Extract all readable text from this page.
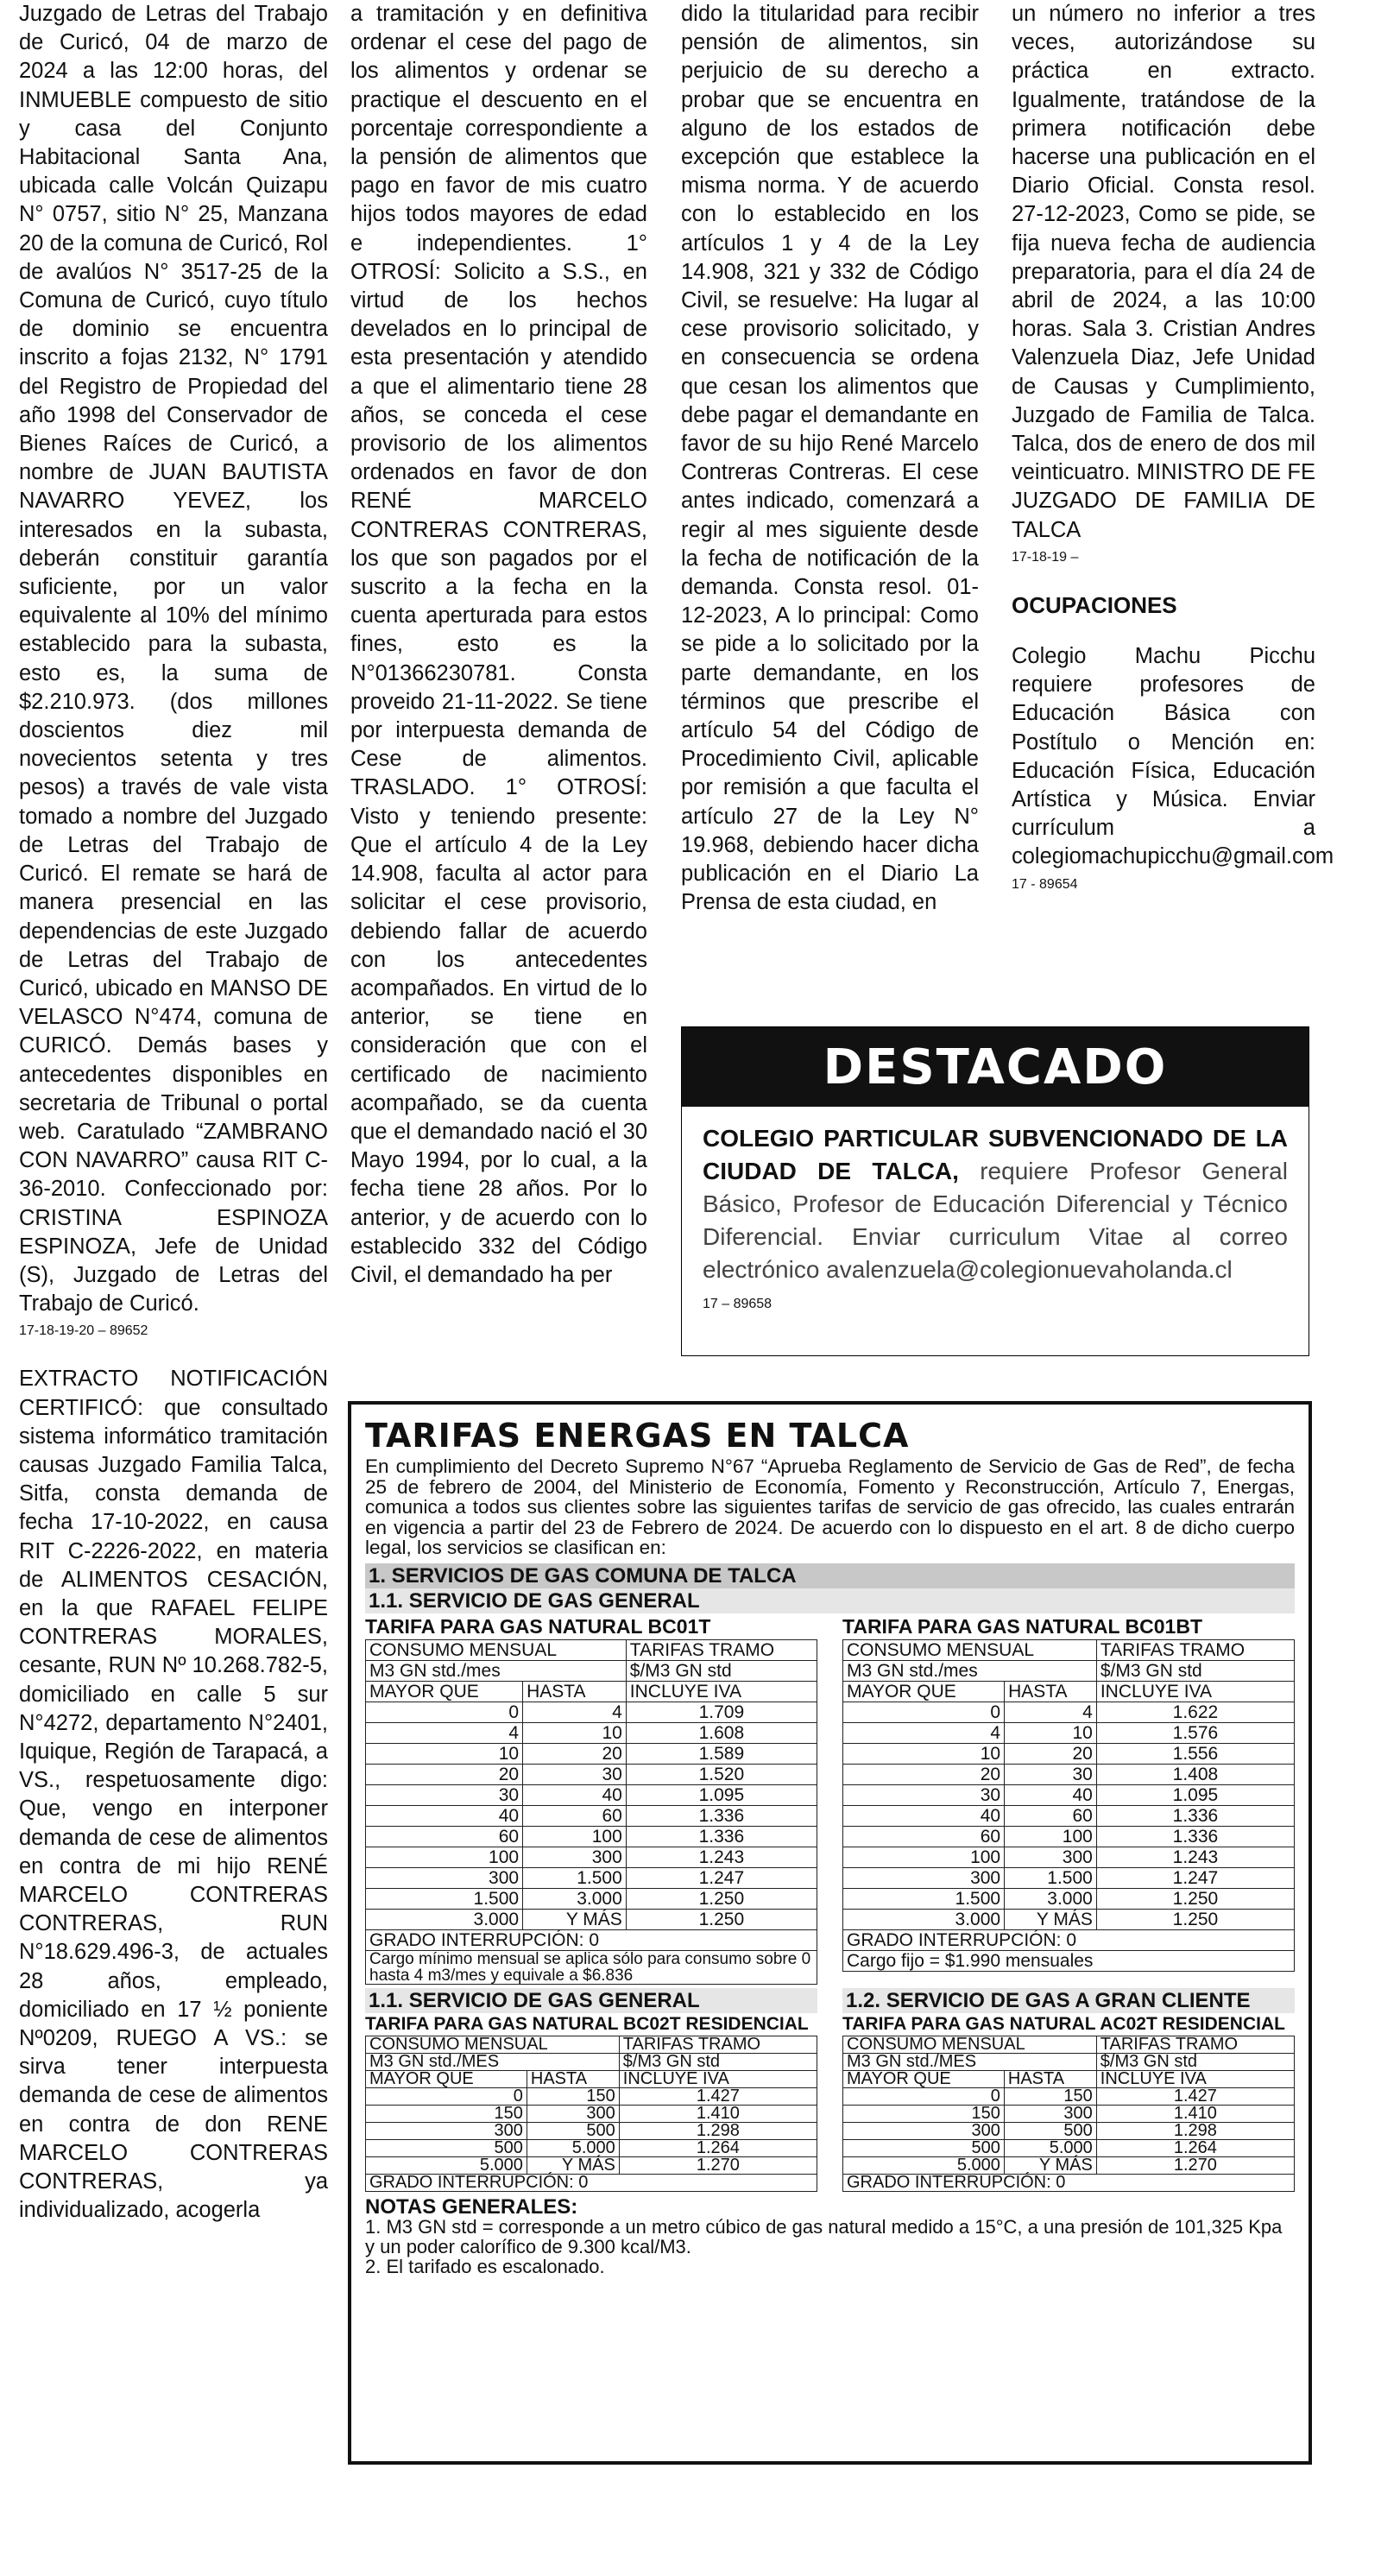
Juzgado de Letras del Trabajo de Curicó, 04 de marzo de 2024 a las 12:00 horas, del INMUEBLE compuesto de sitio y casa del Conjunto Habitacional Santa Ana, ubicada calle Volcán Quizapu N° 0757, sitio N° 25, Manzana 20 de la comuna de Curicó, Rol de avalúos N° 3517-25 de la Comuna de Curicó, cuyo título de dominio se encuentra inscrito a fojas 2132, N° 1791 del Registro de Propiedad del año 1998 del Conservador de Bienes Raíces de Curicó, a nombre de JUAN BAUTISTA NAVARRO YEVEZ, los interesados en la subasta, deberán constituir garantía suficiente, por un valor equivalente al 10% del mínimo establecido para la subasta, esto es, la suma de $2.210.973. (dos millones doscientos diez mil novecientos setenta y tres pesos) a través de vale vista tomado a nombre del Juzgado de Letras del Trabajo de Curicó. El remate se hará de manera presencial en las dependencias de este Juzgado de Letras del Trabajo de Curicó, ubicado en MANSO DE VELASCO N°474, comuna de CURICÓ. Demás bases y antecedentes disponibles en secretaria de Tribunal o portal web. Caratulado “ZAMBRANO CON NAVARRO” causa RIT C-36-2010. Confeccionado por: CRISTINA ESPINOZA ESPINOZA, Jefe de Unidad (S), Juzgado de Letras del Trabajo de Curicó.

17-18-19-20 – 89652

EXTRACTO NOTIFICACIÓN CERTIFICÓ: que consultado sistema informático tramitación causas Juzgado Familia Talca, Sitfa, consta demanda de fecha 17-10-2022, en causa RIT C-2226-2022, en materia de ALIMENTOS CESACIÓN, en la que RAFAEL FELIPE CONTRERAS MORALES, cesante, RUN Nº 10.268.782-5, domiciliado en calle 5 sur N°4272, departamento N°2401, Iquique, Región de Tarapacá, a VS., respetuosamente digo: Que, vengo en interponer demanda de cese de alimentos en contra de mi hijo RENÉ MARCELO CONTRERAS CONTRERAS, RUN N°18.629.496-3, de actuales 28 años, empleado, domiciliado en 17 ½ poniente Nº0209, RUEGO A VS.: se sirva tener interpuesta demanda de cese de alimentos en contra de don RENE MARCELO CONTRERAS CONTRERAS, ya individualizado, acogerla

a tramitación y en definitiva ordenar el cese del pago de los alimentos y ordenar se practique el descuento en el porcentaje correspondiente a la pensión de alimentos que pago en favor de mis cuatro hijos todos mayores de edad e independientes. 1° OTROSÍ: Solicito a S.S., en virtud de los hechos develados en lo principal de esta presentación y atendido a que el alimentario tiene 28 años, se conceda el cese provisorio de los alimentos ordenados en favor de don RENÉ MARCELO CONTRERAS CONTRERAS, los que son pagados por el suscrito a la fecha en la cuenta aperturada para estos fines, esto es la N°01366230781. Consta proveido 21-11-2022. Se tiene por interpuesta demanda de Cese de alimentos. TRASLADO. 1° OTROSÍ: Visto y teniendo presente: Que el artículo 4 de la Ley 14.908, faculta al actor para solicitar el cese provisorio, debiendo fallar de acuerdo con los antecedentes acompañados. En virtud de lo anterior, se tiene en consideración que con el certificado de nacimiento acompañado, se da cuenta que el demandado nació el 30 Mayo 1994, por lo cual, a la fecha tiene 28 años. Por lo anterior, y de acuerdo con lo establecido 332 del Código Civil, el demandado ha per

dido la titularidad para recibir pensión de alimentos, sin perjuicio de su derecho a probar que se encuentra en alguno de los estados de excepción que establece la misma norma. Y de acuerdo con lo establecido en los artículos 1 y 4 de la Ley 14.908, 321 y 332 de Código Civil, se resuelve: Ha lugar al cese provisorio solicitado, y en consecuencia se ordena que cesan los alimentos que debe pagar el demandante en favor de su hijo René Marcelo Contreras Contreras. El cese antes indicado, comenzará a regir al mes siguiente desde la fecha de notificación de la demanda. Consta resol. 01-12-2023, A lo principal: Como se pide a lo solicitado por la parte demandante, en los términos que prescribe el artículo 54 del Código de Procedimiento Civil, aplicable por remisión a que faculta el artículo 27 de la Ley N° 19.968, debiendo hacer dicha publicación en el Diario La Prensa de esta ciudad, en

un número no inferior a tres veces, autorizándose su práctica en extracto. Igualmente, tratándose de la primera notificación debe hacerse una publicación en el Diario Oficial. Consta resol. 27-12-2023, Como se pide, se fija nueva fecha de audiencia preparatoria, para el día 24 de abril de 2024, a las 10:00 horas. Sala 3. Cristian Andres Valenzuela Diaz, Jefe Unidad de Causas y Cumplimiento, Juzgado de Familia de Talca. Talca, dos de enero de dos mil veinticuatro. MINISTRO DE FE JUZGADO DE FAMILIA DE TALCA

17-18-19 –

OCUPACIONES

Colegio Machu Picchu requiere profesores de Educación Básica con Postítulo o Mención en: Educación Física, Educación Artística y Música. Enviar currículum a colegiomachupicchu@gmail.com

17 - 89654

DESTACADO
COLEGIO PARTICULAR SUBVENCIONADO DE LA CIUDAD DE TALCA, requiere Profesor General Básico, Profesor de Educación Diferencial y Técnico Diferencial. Enviar curriculum Vitae al correo electrónico avalenzuela@colegionuevaholanda.cl
17 – 89658
TARIFAS ENERGAS EN TALCA
En cumplimiento del Decreto Supremo N°67 “Aprueba Reglamento de Servicio de Gas de Red”, de fecha 25 de febrero de 2004, del Ministerio de Economía, Fomento y Reconstrucción, Artículo 7, Energas, comunica a todos sus clientes sobre las siguientes tarifas de servicio de gas ofrecido, las cuales entrarán en vigencia a partir del 23 de Febrero de 2024. De acuerdo con lo dispuesto en el art. 8 de dicho cuerpo legal, los servicios se clasifican en:
1. SERVICIOS DE GAS COMUNA DE TALCA
1.1. SERVICIO DE GAS GENERAL
TARIFA PARA GAS NATURAL BC01T
CONSUMO MENSUAL		TARIFAS TRAMO
M3 GN std./mes		$/M3 GN std
MAYOR QUE	HASTA	INCLUYE IVA
0	4	1.709
4	10	1.608
10	20	1.589
20	30	1.520
30	40	1.095
40	60	1.336
60	100	1.336
100	300	1.243
300	1.500	1.247
1.500	3.000	1.250
3.000	Y MÁS	1.250
GRADO INTERRUPCIÓN: 0		
Cargo mínimo mensual se aplica sólo para consumo sobre 0 hasta 4 m3/mes y equivale a $6.836		
TARIFA PARA GAS NATURAL BC01BT
CONSUMO MENSUAL		TARIFAS TRAMO
M3 GN std./mes		$/M3 GN std
MAYOR QUE	HASTA	INCLUYE IVA
0	4	1.622
4	10	1.576
10	20	1.556
20	30	1.408
30	40	1.095
40	60	1.336
60	100	1.336
100	300	1.243
300	1.500	1.247
1.500	3.000	1.250
3.000	Y MÁS	1.250
GRADO INTERRUPCIÓN: 0		
Cargo fijo = $1.990 mensuales		
1.1. SERVICIO DE GAS GENERAL	1.2. SERVICIO DE GAS A GRAN CLIENTE
TARIFA PARA GAS NATURAL BC02T RESIDENCIAL
CONSUMO MENSUAL		TARIFAS TRAMO
M3 GN std./MES		$/M3 GN std
MAYOR QUE	HASTA	INCLUYE IVA
0	150	1.427
150	300	1.410
300	500	1.298
500	5.000	1.264
5.000	Y MÁS	1.270
GRADO INTERRUPCIÓN: 0		
TARIFA PARA GAS NATURAL AC02T RESIDENCIAL
CONSUMO MENSUAL		TARIFAS TRAMO
M3 GN std./MES		$/M3 GN std
MAYOR QUE	HASTA	INCLUYE IVA
0	150	1.427
150	300	1.410
300	500	1.298
500	5.000	1.264
5.000	Y MÁS	1.270
GRADO INTERRUPCIÓN: 0		
NOTAS GENERALES:
1. M3 GN std = corresponde a un metro cúbico de gas natural medido a 15°C, a una presión de 101,325 Kpa y un poder calorífico de 9.300 kcal/M3.
2. El tarifado es escalonado.
